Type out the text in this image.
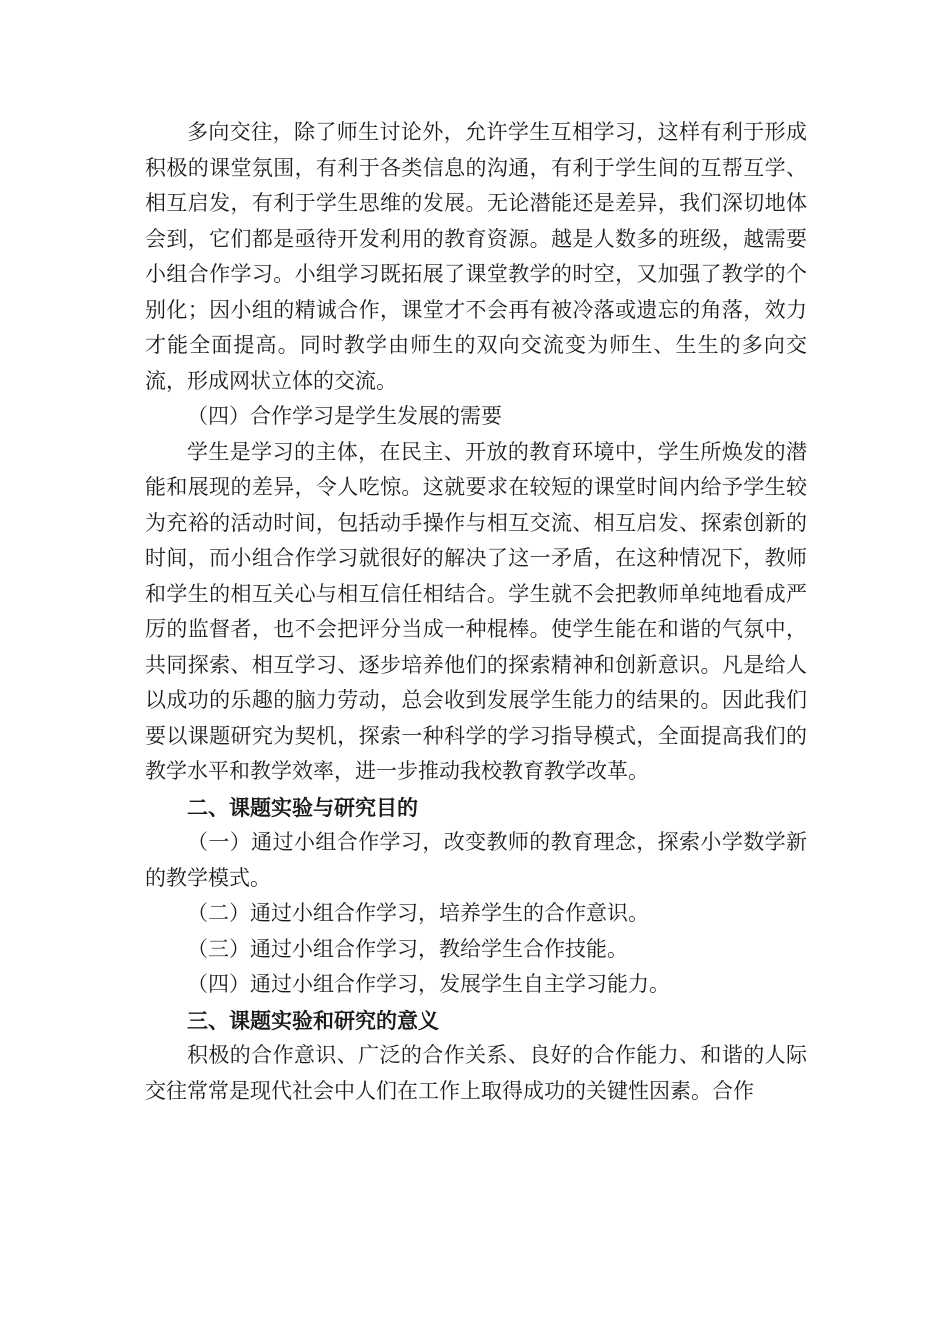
多向交往，除了师生讨论外，允许学生互相学习，这样有利于形成积极的课堂氛围，有利于各类信息的沟通，有利于学生间的互帮互学、相互启发，有利于学生思维的发展。无论潜能还是差异，我们深切地体会到，它们都是亟待开发利用的教育资源。越是人数多的班级，越需要小组合作学习。小组学习既拓展了课堂教学的时空，又加强了教学的个别化；因小组的精诚合作，课堂才不会再有被冷落或遗忘的角落，效力才能全面提高。同时教学由师生的双向交流变为师生、生生的多向交流，形成网状立体的交流。

（四）合作学习是学生发展的需要

学生是学习的主体，在民主、开放的教育环境中，学生所焕发的潜能和展现的差异，令人吃惊。这就要求在较短的课堂时间内给予学生较为充裕的活动时间，包括动手操作与相互交流、相互启发、探索创新的时间，而小组合作学习就很好的解决了这一矛盾，在这种情况下，教师和学生的相互关心与相互信任相结合。学生就不会把教师单纯地看成严厉的监督者，也不会把评分当成一种棍棒。使学生能在和谐的气氛中，共同探索、相互学习、逐步培养他们的探索精神和创新意识。凡是给人以成功的乐趣的脑力劳动，总会收到发展学生能力的结果的。因此我们要以课题研究为契机，探索一种科学的学习指导模式，全面提高我们的教学水平和教学效率，进一步推动我校教育教学改革。

二、课题实验与研究目的

（一）通过小组合作学习，改变教师的教育理念，探索小学数学新的教学模式。

（二）通过小组合作学习，培养学生的合作意识。

（三）通过小组合作学习，教给学生合作技能。

（四）通过小组合作学习，发展学生自主学习能力。

三、课题实验和研究的意义

积极的合作意识、广泛的合作关系、良好的合作能力、和谐的人际交往常常是现代社会中人们在工作上取得成功的关键性因素。合作
